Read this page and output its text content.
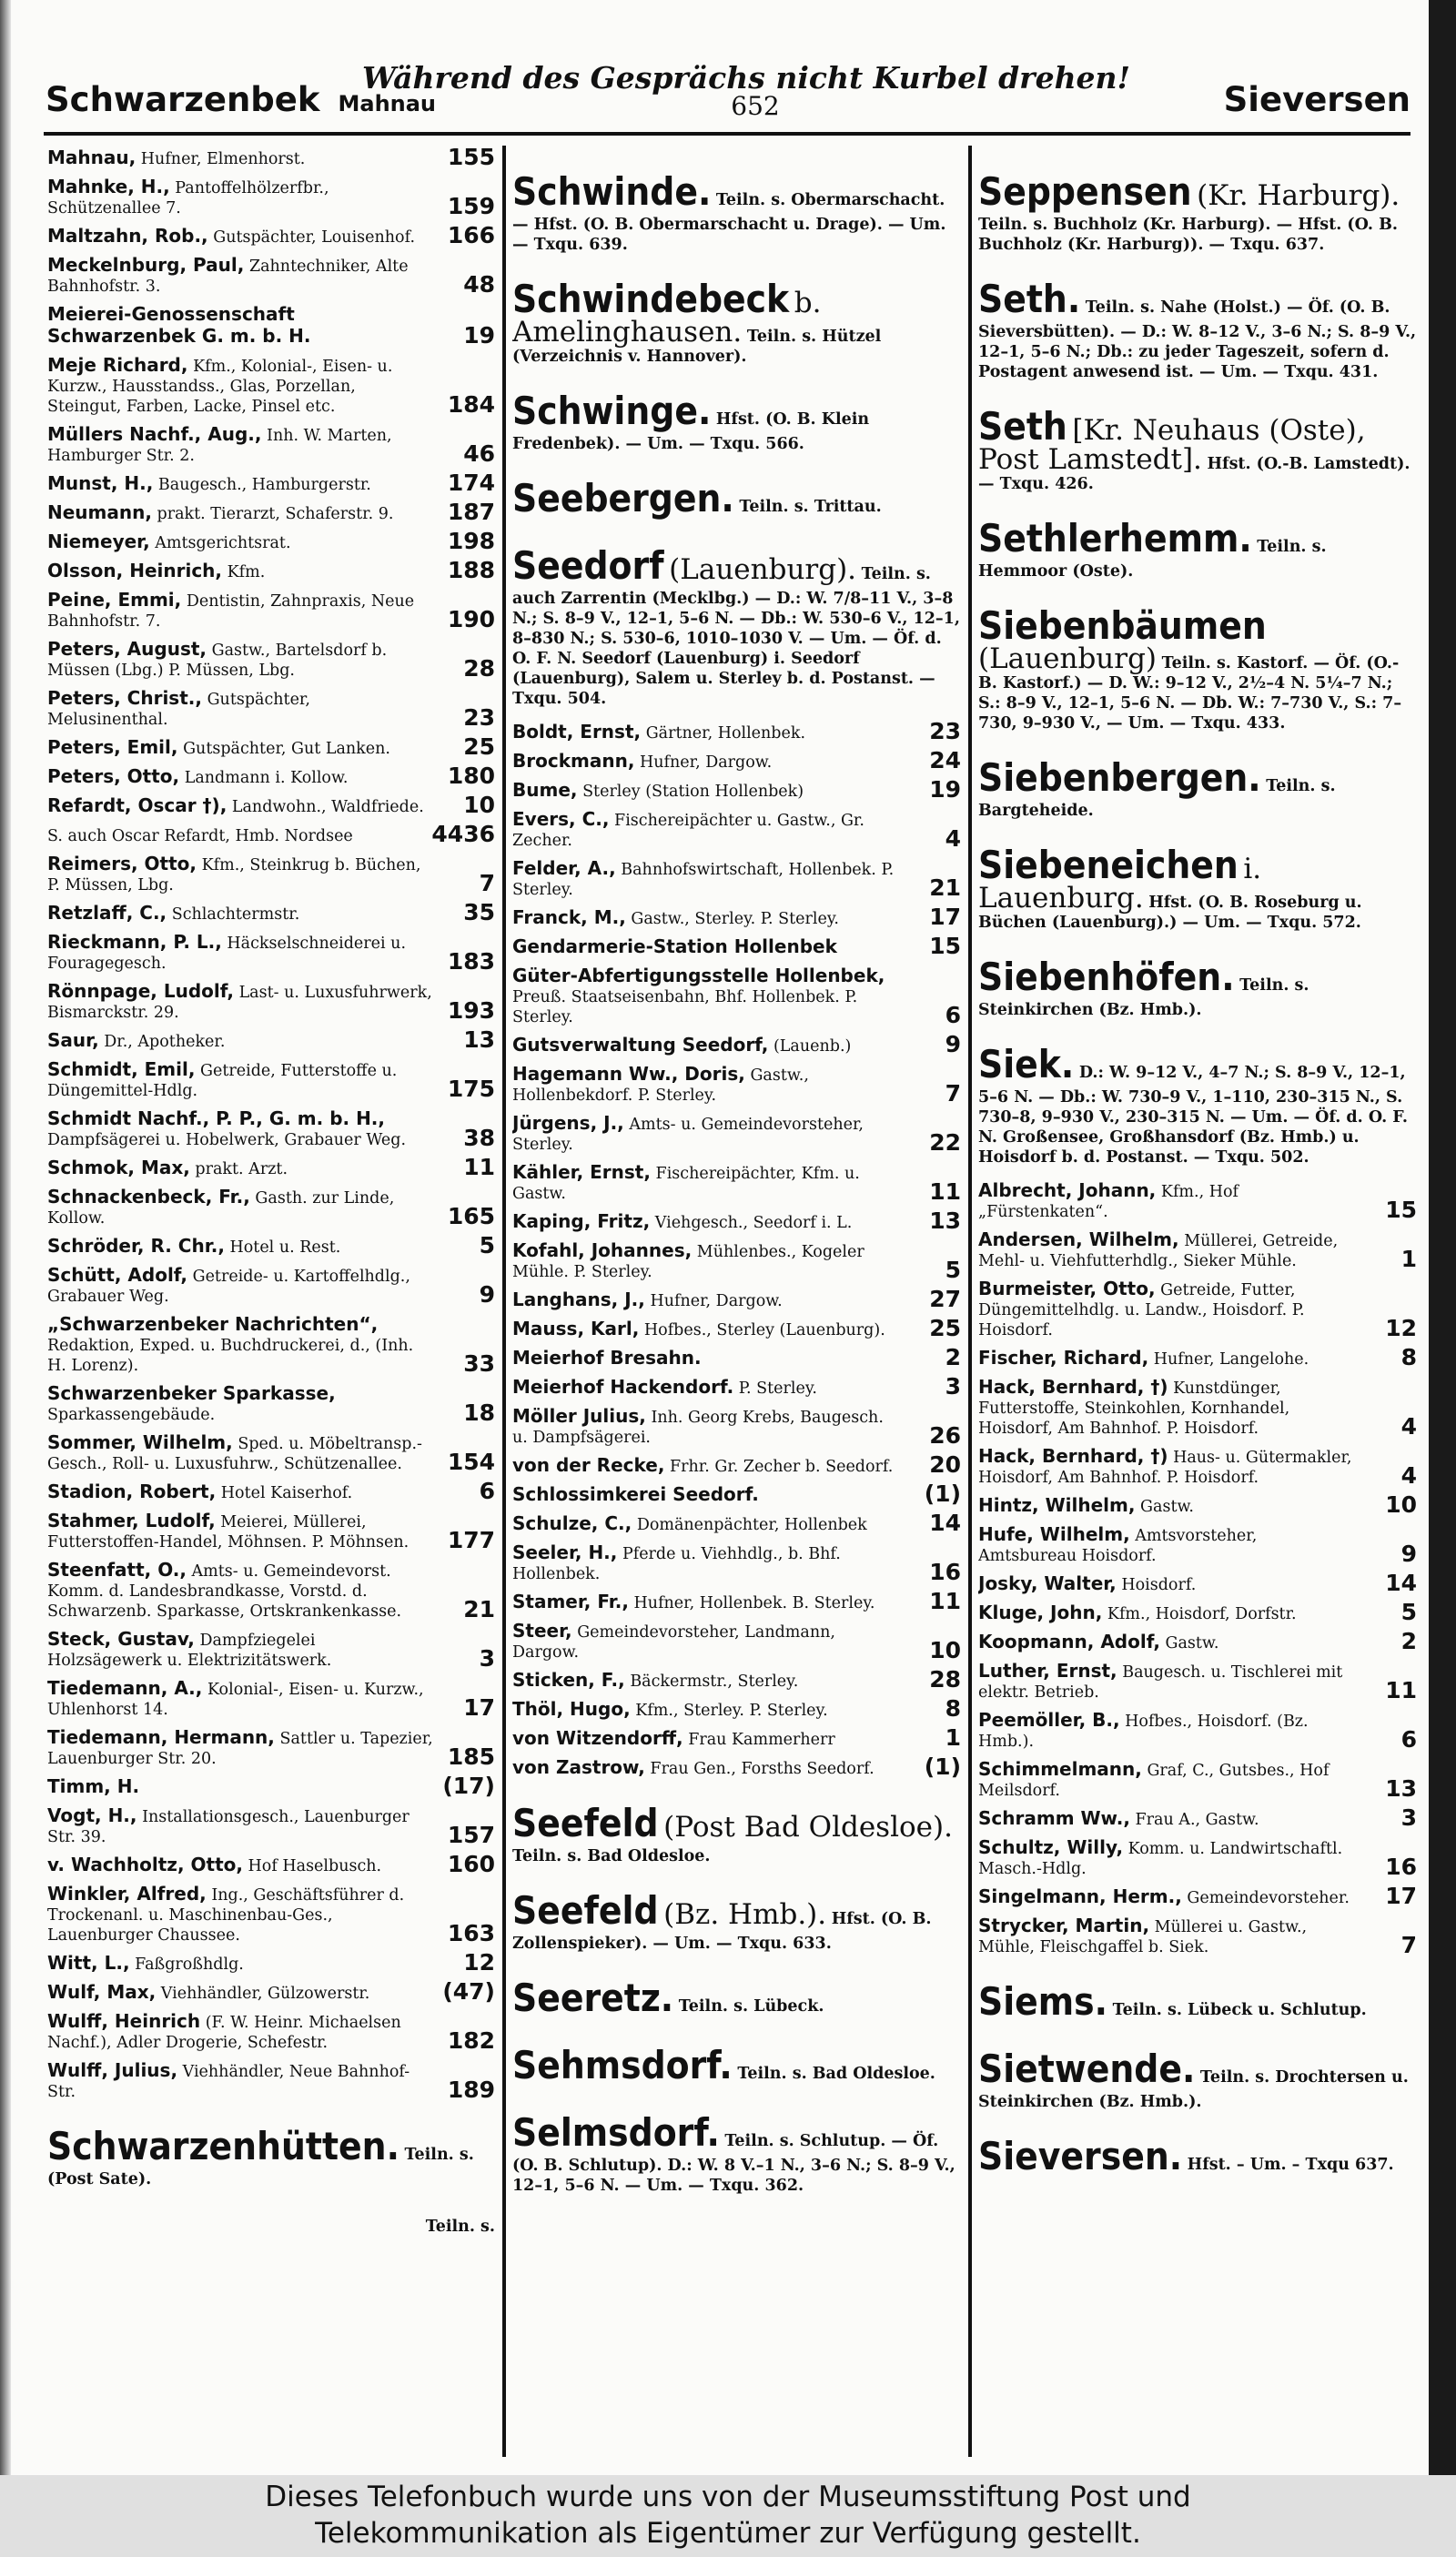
Schwarzenbek Mahnau
Während des Gesprächs nicht Kurbel drehen!
652	Sieversen
Mahnau, Hufner, Elmenhorst.	155
Mahnke, H., Pantoffelhölzerfbr., Schützenallee 7.	159
Maltzahn, Rob., Gutspächter, Louisenhof. 166
Meckelnburg, Paul, Zahntechniker, Alte Bahnhofstr. 3.	48
Meierei-Genossenschaft Schwarzenbek G. m. b. H.	19
Meje Richard, Kfm., Kolonial-, Eisen- u. Kurzw., Hausstandss., Glas, Porzellan, Steingut, Farben, Lacke, Pinsel etc.	184
Müllers Nachf., Aug., Inh. W. Marten, Hamburger Str. 2.	46
Munst, H., Baugesch., Hamburgerstr.	174
Neumann, prakt. Tierarzt, Schaferstr. 9. 187
Niemeyer, Amtsgerichtsrat.	198
Olsson, Heinrich, Kfm.	188
Peine, Emmi, Dentistin, Zahnpraxis, Neue Bahnhofstr. 7.	190
Peters, August, Gastw., Bartelsdorf b. Müssen (Lbg.) P. Müssen, Lbg.	28
Peters, Christ., Gutspächter, Melusinenthal.	23
Peters, Emil, Gutspächter, Gut Lanken.	25
Peters, Otto, Landmann i. Kollow.	180
Refardt, Oscar †), Landwohn., Waldfriede. 10
S. auch Oscar Refardt, Hmb. Nordsee	4436
Reimers, Otto, Kfm., Steinkrug b. Büchen, P. Müssen, Lbg.	7
Retzlaff, C., Schlachtermstr.	35
Rieckmann, P. L., Häckselschneiderei u. Fouragegesch.	183
Rönnpage, Ludolf, Last- u. Luxusfuhrwerk, Bismarckstr. 29.	193
Saur, Dr., Apotheker.	13
Schmidt, Emil, Getreide, Futterstoffe u. Düngemittel-Hdlg.	175
Schmidt Nachf., P. P., G. m. b. H., Dampfsägerei u. Hobelwerk, Grabauer Weg.	38
Schmok, Max, prakt. Arzt.	11
Schnackenbeck, Fr., Gasth. zur Linde, Kollow.	165
Schröder, R. Chr., Hotel u. Rest.	5
Schütt, Adolf, Getreide- u. Kartoffelhdlg., Grabauer Weg.	9
„Schwarzenbeker Nachrichten“, Redaktion, Exped. u. Buchdruckerei, d., (Inh. H. Lorenz).	33
Schwarzenbeker Sparkasse, Sparkassengebäude.	18
Sommer, Wilhelm, Sped. u. Möbeltransp.-Gesch., Roll- u. Luxusfuhrw., Schützenallee. 154
Stadion, Robert, Hotel Kaiserhof.	6
Stahmer, Ludolf, Meierei, Müllerei, Futterstoffen-Handel, Möhnsen. P. Möhnsen. 177
Steenfatt, O., Amts- u. Gemeindevorst. Komm. d. Landesbrandkasse, Vorstd. d. Schwarzenb. Sparkasse, Ortskrankenkasse.	21
Steck, Gustav, Dampfziegelei Holzsägewerk u. Elektrizitätswerk.	3
Tiedemann, A., Kolonial-, Eisen- u. Kurzw., Uhlenhorst 14.	17
Tiedemann, Hermann, Sattler u. Tapezier, Lauenburger Str. 20.	185
Timm, H.	(17)
Vogt, H., Installationsgesch., Lauenburger Str. 39.	157
v. Wachholtz, Otto, Hof Haselbusch.	160
Winkler, Alfred, Ing., Geschäftsführer d. Trockenanl. u. Maschinenbau-Ges., Lauenburger Chaussee.	163
Witt, L., Faßgroßhdlg.	12
Wulf, Max, Viehhändler, Gülzowerstr.	(47)
Wulff, Heinrich (F. W. Heinr. Michaelsen Nachf.), Adler Drogerie, Schefestr.	182
Wulff, Julius, Viehhändler, Neue Bahnhof-Str.	189
Schwarzenhütten. Teiln. s. (Post Sate).
Teiln. s.
Schwinde. Teiln. s. Obermarschacht. — Hfst. (O. B. Obermarschacht u. Drage). — Um. — Txqu. 639.
Schwindebeck b. Amelinghausen. Teiln. s. Hützel (Verzeichnis v. Hannover).
Schwinge. Hfst. (O. B. Klein Fredenbek). — Um. — Txqu. 566.
Seebergen. Teiln. s. Trittau.
Seedorf (Lauenburg). Teiln. s. auch Zarrentin (Mecklbg.) — D.: W. 7/8–11 V., 3–8 N.; S. 8–9 V., 12–1, 5–6 N. — Db.: W. 530–6 V., 12–1, 8–830 N.; S. 530–6, 1010–1030 V. — Um. — Öf. d. O. F. N. Seedorf (Lauenburg) i. Seedorf (Lauenburg), Salem u. Sterley b. d. Postanst. — Txqu. 504.
Boldt, Ernst, Gärtner, Hollenbek.	23
Brockmann, Hufner, Dargow.	24
Bume, Sterley (Station Hollenbek)	19
Evers, C., Fischereipächter u. Gastw., Gr. Zecher.	4
Felder, A., Bahnhofswirtschaft, Hollenbek. P. Sterley.	21
Franck, M., Gastw., Sterley. P. Sterley.	17
Gendarmerie-Station Hollenbek	15
Güter-Abfertigungsstelle Hollenbek, Preuß. Staatseisenbahn, Bhf. Hollenbek. P. Sterley.	6
Gutsverwaltung Seedorf, (Lauenb.)	9
Hagemann Ww., Doris, Gastw., Hollenbekdorf. P. Sterley.	7
Jürgens, J., Amts- u. Gemeindevorsteher, Sterley.	22
Kähler, Ernst, Fischereipächter, Kfm. u. Gastw.	11
Kaping, Fritz, Viehgesch., Seedorf i. L.	13
Kofahl, Johannes, Mühlenbes., Kogeler Mühle. P. Sterley.	5
Langhans, J., Hufner, Dargow.	27
Mauss, Karl, Hofbes., Sterley (Lauenburg). 25
Meierhof Bresahn.	2
Meierhof Hackendorf. P. Sterley.	3
Möller Julius, Inh. Georg Krebs, Baugesch. u. Dampfsägerei.	26
von der Recke, Frhr. Gr. Zecher b. Seedorf. 20
Schlossimkerei Seedorf.	(1)
Schulze, C., Domänenpächter, Hollenbek	14
Seeler, H., Pferde u. Viehhdlg., b. Bhf. Hollenbek.	16
Stamer, Fr., Hufner, Hollenbek. B. Sterley. 11
Steer, Gemeindevorsteher, Landmann, Dargow.	10
Sticken, F., Bäckermstr., Sterley.	28
Thöl, Hugo, Kfm., Sterley. P. Sterley.	8
von Witzendorff, Frau Kammerherr	1
von Zastrow, Frau Gen., Forsths Seedorf. (1)
Seefeld (Post Bad Oldesloe). Teiln. s. Bad Oldesloe.
Seefeld (Bz. Hmb.). Hfst. (O. B. Zollenspieker). — Um. — Txqu. 633.
Seeretz. Teiln. s. Lübeck.
Sehmsdorf. Teiln. s. Bad Oldesloe.
Selmsdorf. Teiln. s. Schlutup. — Öf. (O. B. Schlutup). D.: W. 8 V.–1 N., 3–6 N.; S. 8–9 V., 12–1, 5–6 N. — Um. — Txqu. 362.
Seppensen (Kr. Harburg). Teiln. s. Buchholz (Kr. Harburg). — Hfst. (O. B. Buchholz (Kr. Harburg)). — Txqu. 637.
Seth. Teiln. s. Nahe (Holst.) — Öf. (O. B. Sieversbütten). — D.: W. 8–12 V., 3–6 N.; S. 8–9 V., 12–1, 5–6 N.; Db.: zu jeder Tageszeit, sofern d. Postagent anwesend ist. — Um. — Txqu. 431.
Seth [Kr. Neuhaus (Oste), Post Lamstedt]. Hfst. (O.-B. Lamstedt). — Txqu. 426.
Sethlerhemm. Teiln. s. Hemmoor (Oste).
Siebenbäumen (Lauenburg) Teiln. s. Kastorf. — Öf. (O.-B. Kastorf.) — D. W.: 9–12 V., 2½–4 N. 5¼–7 N.; S.: 8–9 V., 12–1, 5–6 N. — Db. W.: 7–730 V., S.: 7–730, 9–930 V., — Um. — Txqu. 433.
Siebenbergen. Teiln. s. Bargteheide.
Siebeneichen i. Lauenburg. Hfst. (O. B. Roseburg u. Büchen (Lauenburg).) — Um. — Txqu. 572.
Siebenhöfen. Teiln. s. Steinkirchen (Bz. Hmb.).
Siek. D.: W. 9–12 V., 4–7 N.; S. 8–9 V., 12–1, 5–6 N. — Db.: W. 730–9 V., 1–110, 230–315 N., S. 730–8, 9–930 V., 230–315 N. — Um. — Öf. d. O. F. N. Großensee, Großhansdorf (Bz. Hmb.) u. Hoisdorf b. d. Postanst. — Txqu. 502.
Albrecht, Johann, Kfm., Hof „Fürstenkaten“.	15
Andersen, Wilhelm, Müllerei, Getreide, Mehl- u. Viehfutterhdlg., Sieker Mühle.	1
Burmeister, Otto, Getreide, Futter, Düngemittelhdlg. u. Landw., Hoisdorf. P. Hoisdorf.	12
Fischer, Richard, Hufner, Langelohe.	8
Hack, Bernhard, †) Kunstdünger, Futterstoffe, Steinkohlen, Kornhandel, Hoisdorf, Am Bahnhof. P. Hoisdorf.	4
Hack, Bernhard, †) Haus- u. Gütermakler, Hoisdorf, Am Bahnhof. P. Hoisdorf.	4
Hintz, Wilhelm, Gastw.	10
Hufe, Wilhelm, Amtsvorsteher, Amtsbureau Hoisdorf.	9
Josky, Walter, Hoisdorf.	14
Kluge, John, Kfm., Hoisdorf, Dorfstr.	5
Koopmann, Adolf, Gastw.	2
Luther, Ernst, Baugesch. u. Tischlerei mit elektr. Betrieb.	11
Peemöller, B., Hofbes., Hoisdorf. (Bz. Hmb.).	6
Schimmelmann, Graf, C., Gutsbes., Hof Meilsdorf.	13
Schramm Ww., Frau A., Gastw.	3
Schultz, Willy, Komm. u. Landwirtschaftl. Masch.-Hdlg.	16
Singelmann, Herm., Gemeindevorsteher. 17
Strycker, Martin, Müllerei u. Gastw., Mühle, Fleischgaffel b. Siek.	7
Siems. Teiln. s. Lübeck u. Schlutup.
Sietwende. Teiln. s. Drochtersen u. Steinkirchen (Bz. Hmb.).
Sieversen. Hfst. – Um. – Txqu 637.
Dieses Telefonbuch wurde uns von der Museumsstiftung Post und
Telekommunikation als Eigentümer zur Verfügung gestellt.
